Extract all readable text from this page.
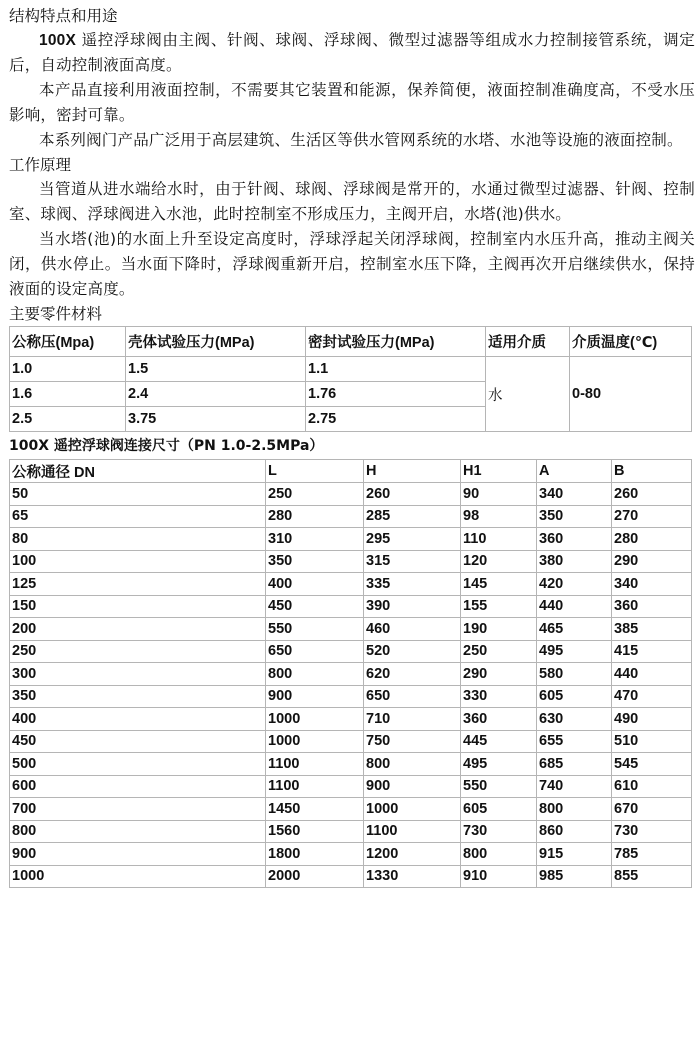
结构特点和用途
100X 遥控浮球阀由主阀、针阀、球阀、浮球阀、微型过滤器等组成水力控制接管系统，调定后，自动控制液面高度。
本产品直接利用液面控制，不需要其它装置和能源，保养简便，液面控制准确度高，不受水压影响，密封可靠。
本系列阀门产品广泛用于高层建筑、生活区等供水管网系统的水塔、水池等设施的液面控制。
工作原理
当管道从进水端给水时，由于针阀、球阀、浮球阀是常开的，水通过微型过滤器、针阀、控制室、球阀、浮球阀进入水池，此时控制室不形成压力，主阀开启，水塔(池)供水。
当水塔(池)的水面上升至设定高度时，浮球浮起关闭浮球阀，控制室内水压升高，推动主阀关闭，供水停止。当水面下降时，浮球阀重新开启，控制室水压下降，主阀再次开启继续供水，保持液面的设定高度。
主要零件材料
公称压(Mpa)	壳体试验压力(MPa)	密封试验压力(MPa)	适用介质	介质温度(℃)
1.0	1.5	1.1	水	0-80
1.6	2.4	1.76		
2.5	3.75	2.75		
100X 遥控浮球阀连接尺寸（PN 1.0-2.5MPa）
公称通径 DN	L	H	H1	A	B
50	250	260	90	340	260
65	280	285	98	350	270
80	310	295	110	360	280
100	350	315	120	380	290
125	400	335	145	420	340
150	450	390	155	440	360
200	550	460	190	465	385
250	650	520	250	495	415
300	800	620	290	580	440
350	900	650	330	605	470
400	1000	710	360	630	490
450	1000	750	445	655	510
500	1100	800	495	685	545
600	1100	900	550	740	610
700	1450	1000	605	800	670
800	1560	1100	730	860	730
900	1800	1200	800	915	785
1000	2000	1330	910	985	855
